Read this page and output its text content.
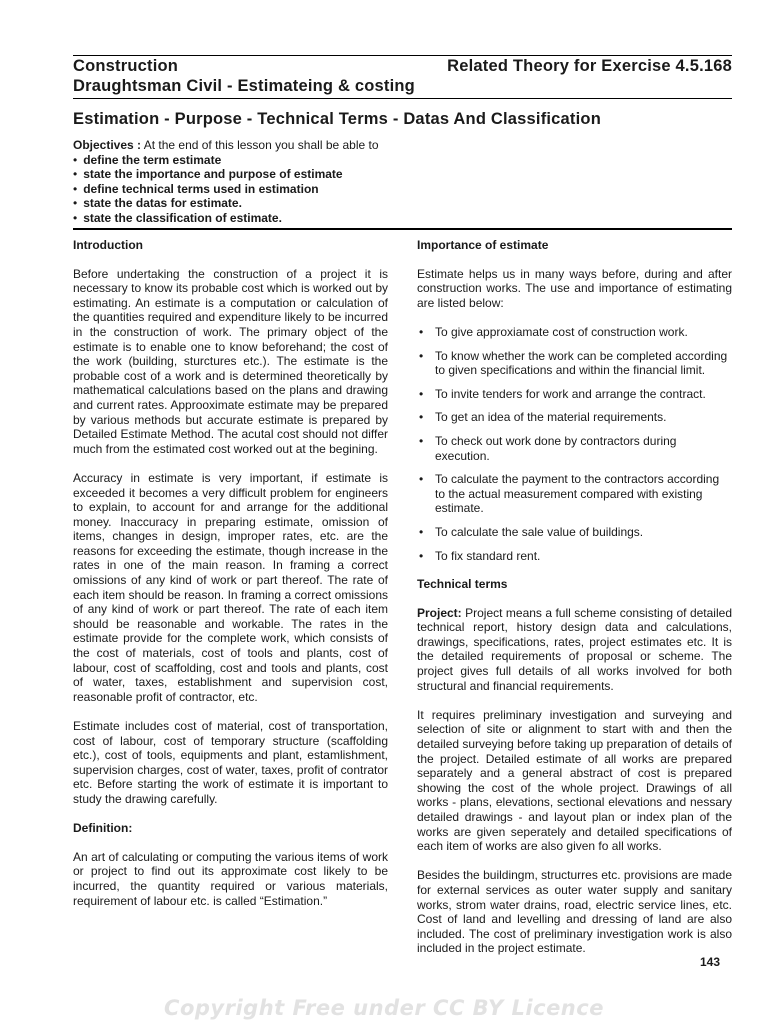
Construction	Related Theory for Exercise 4.5.168
Draughtsman Civil - Estimateing & costing
Estimation - Purpose - Technical Terms - Datas And Classification
Objectives : At the end of this lesson you shall be able to
• define the term estimate
• state the importance and purpose of estimate
• define technical terms used in estimation
• state the datas for estimate.
• state the classification of estimate.
Introduction

Before undertaking the construction of a project it is necessary to know its probable cost which is worked out by estimating. An estimate is a computation or calculation of the quantities required and expenditure likely to be incurred in the construction of work. The primary object of the estimate is to enable one to know beforehand; the cost of the work (building, sturctures etc.). The estimate is the probable cost of a work and is determined theoretically by mathematical calculations based on the plans and drawing and current rates. Approoximate estimate may be prepared by various methods but accurate estimate is prepared by Detailed Estimate Method. The acutal cost should not differ much from the estimated cost worked out at the begining.

Accuracy in estimate is very important, if estimate is exceeded it becomes a very difficult problem for engineers to explain, to account for and arrange for the additional money. Inaccuracy in preparing estimate, omission of items, changes in design, improper rates, etc. are the reasons for exceeding the estimate, though increase in the rates in one of the main reason. In framing a correct omissions of any kind of work or part thereof. The rate of each item should be reason. In framing a correct omissions of any kind of work or part thereof. The rate of each item should be reasonable and workable. The rates in the estimate provide for the complete work, which consists of the cost of materials, cost of tools and plants, cost of labour, cost of scaffolding, cost and tools and plants, cost of water, taxes, establishment and supervision cost, reasonable profit of contractor, etc.

Estimate includes cost of material, cost of transportation, cost of labour, cost of temporary structure (scaffolding etc.), cost of tools, equipments and plant, estamlishment, supervision charges, cost of water, taxes, profit of contrator etc. Before starting the work of estimate it is important to study the drawing carefully.

Definition:

An art of calculating or computing the various items of work or project to find out its approximate cost likely to be incurred, the quantity required or various materials, requirement of labour etc. is called “Estimation.”

Importance of estimate

Estimate helps us in many ways before, during and after construction works. The use and importance of estimating are listed below:

• To give approxiamate cost of construction work.
• To know whether the work can be completed according to given specifications and within the financial limit.
• To invite tenders for work and arrange the contract.
• To get an idea of the material requirements.
• To check out work done by contractors during execution.
• To calculate the payment to the contractors according to the actual measurement compared with existing estimate.
• To calculate the sale value of buildings.
• To fix standard rent.
Technical terms

Project: Project means a full scheme consisting of detailed technical report, history design data and calculations, drawings, specifications, rates, project estimates etc. It is the detailed requirements of proposal or scheme. The project gives full details of all works involved for both structural and financial requirements.

It requires preliminary investigation and surveying and selection of site or alignment to start with and then the detailed surveying before taking up preparation of details of the project. Detailed estimate of all works are prepared separately and a general abstract of cost is prepared showing the cost of the whole project. Drawings of all works - plans, elevations, sectional elevations and nessary detailed drawings - and layout plan or index plan of the works are given seperately and detailed specifications of each item of works are also given fo all works.

Besides the buildingm, structurres etc. provisions are made for external services as outer water supply and sanitary works, strom water drains, road, electric service lines, etc. Cost of land and levelling and dressing of land are also included. The cost of preliminary investigation work is also included in the project estimate.

143
Copyright Free under CC BY Licence
